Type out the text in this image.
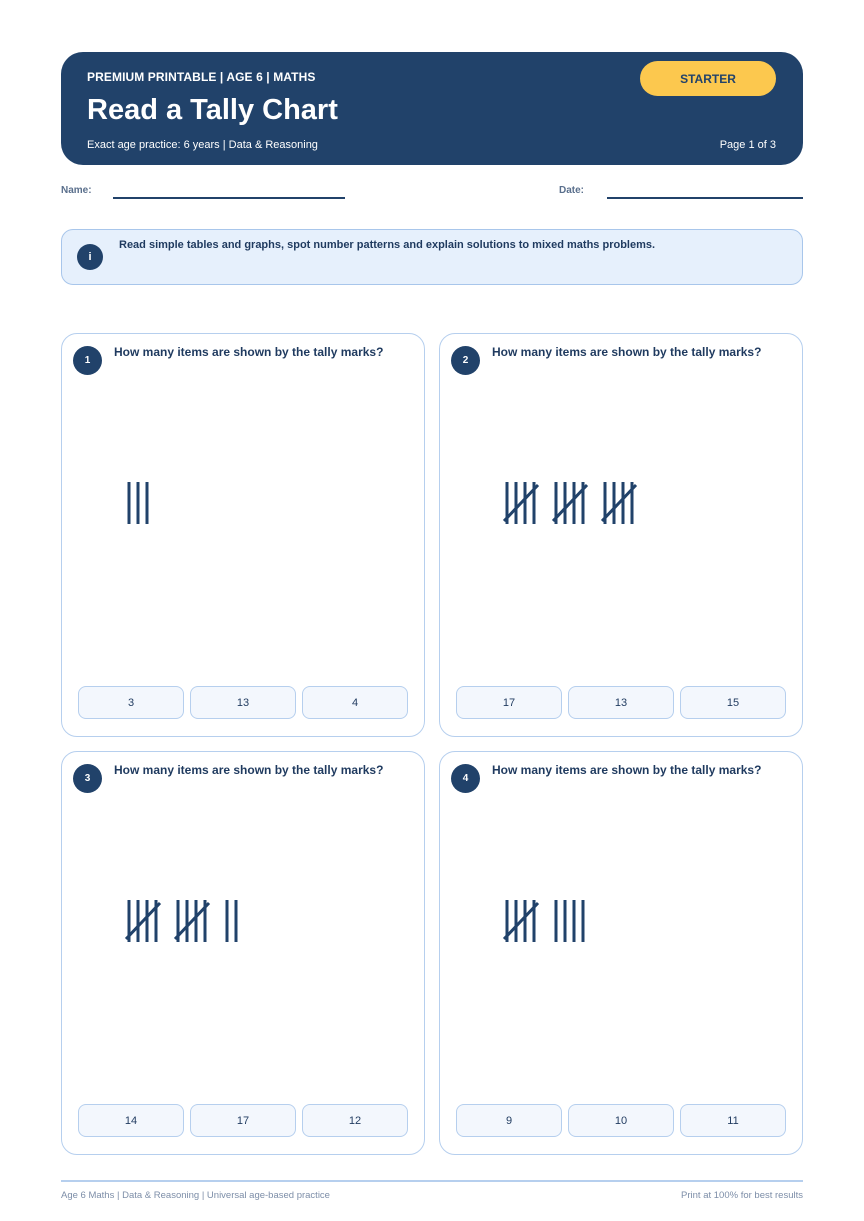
PREMIUM PRINTABLE | AGE 6 | MATHS
Read a Tally Chart
Exact age practice: 6 years | Data & Reasoning	Page 1 of 3
STARTER
Name:	Date:
i
Read simple tables and graphs, spot number patterns and explain solutions to mixed maths problems.
1
How many items are shown by the tally marks?
3	13	4
2
How many items are shown by the tally marks?
17	13	15
3
How many items are shown by the tally marks?
14	17	12
4
How many items are shown by the tally marks?
9	10	11
Age 6 Maths | Data & Reasoning | Universal age-based practice	Print at 100% for best results
